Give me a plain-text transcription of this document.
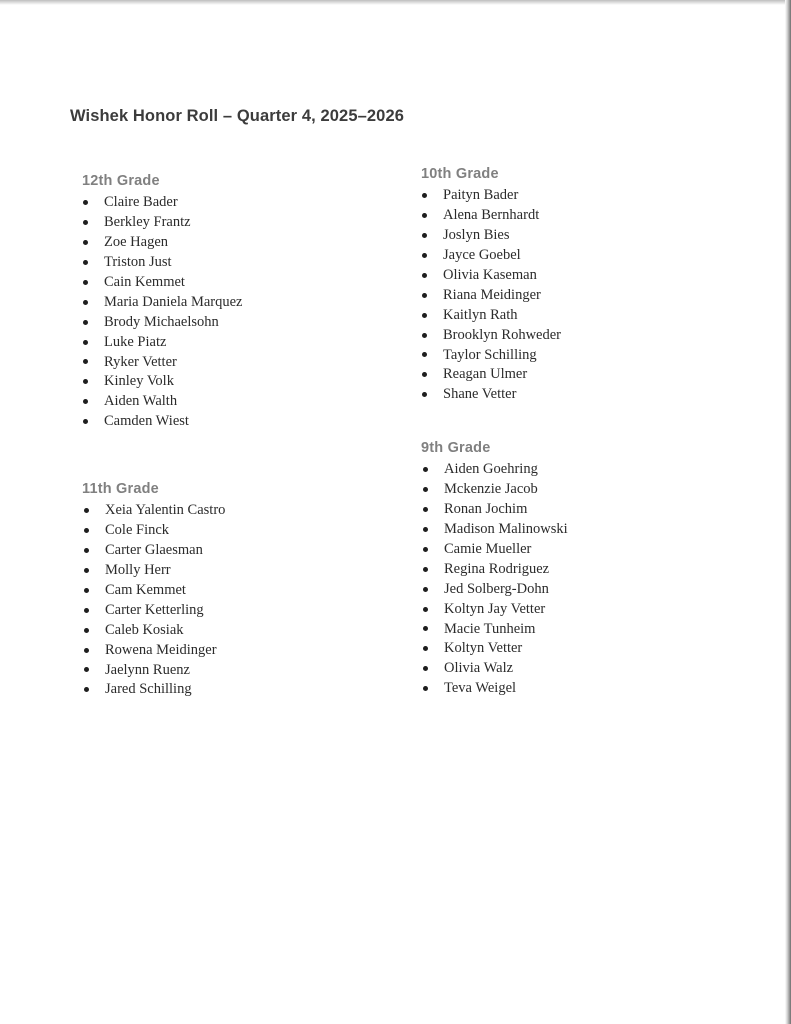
Wishek Honor Roll – Quarter 4, 2025–2026
12th Grade
Claire Bader
Berkley Frantz
Zoe Hagen
Triston Just
Cain Kemmet
Maria Daniela Marquez
Brody Michaelsohn
Luke Piatz
Ryker Vetter
Kinley Volk
Aiden Walth
Camden Wiest
11th Grade
Xeia Yalentin Castro
Cole Finck
Carter Glaesman
Molly Herr
Cam Kemmet
Carter Ketterling
Caleb Kosiak
Rowena Meidinger
Jaelynn Ruenz
Jared Schilling
10th Grade
Paityn Bader
Alena Bernhardt
Joslyn Bies
Jayce Goebel
Olivia Kaseman
Riana Meidinger
Kaitlyn Rath
Brooklyn Rohweder
Taylor Schilling
Reagan Ulmer
Shane Vetter
9th Grade
Aiden Goehring
Mckenzie Jacob
Ronan Jochim
Madison Malinowski
Camie Mueller
Regina Rodriguez
Jed Solberg-Dohn
Koltyn Jay Vetter
Macie Tunheim
Koltyn Vetter
Olivia Walz
Teva Weigel
